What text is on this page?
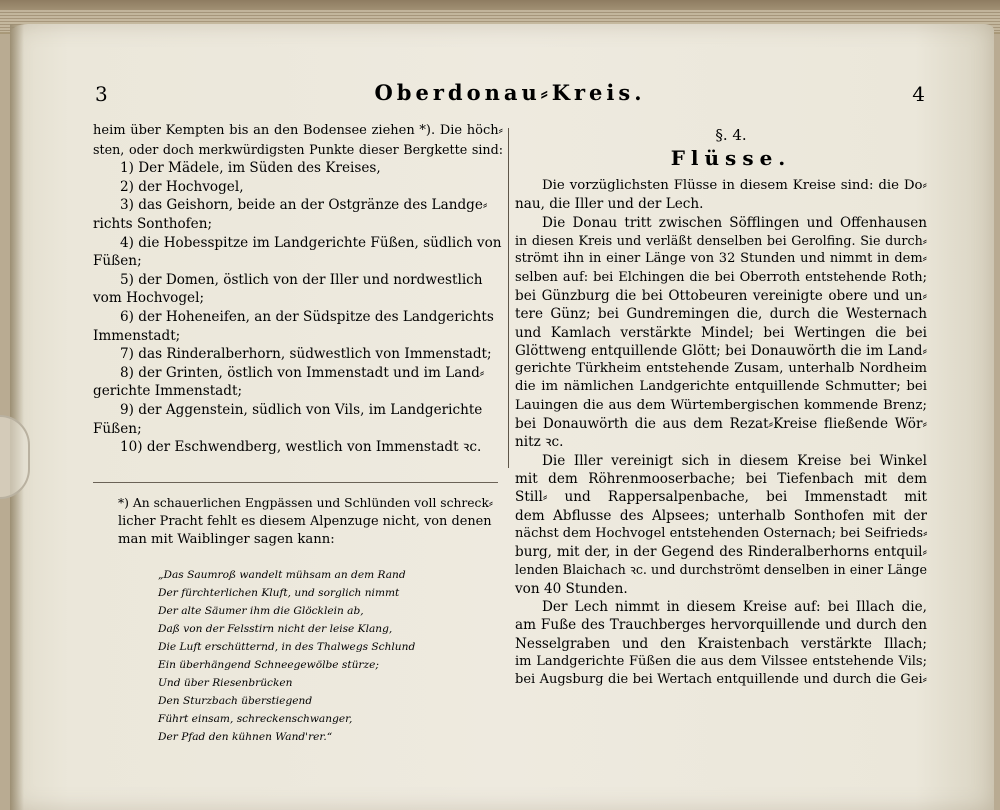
3	Oberdonau⸗Kreis.	4
heim über Kempten bis an den Bodensee ziehen *). Die höch⸗
sten, oder doch merkwürdigsten Punkte dieser Bergkette sind:
1) Der Mädele, im Süden des Kreises,
2) der Hochvogel,
3) das Geishorn, beide an der Ostgränze des Landge⸗
richts Sonthofen;
4) die Hobesspitze im Landgerichte Füßen, südlich von
Füßen;
5) der Domen, östlich von der Iller und nordwestlich
vom Hochvogel;
6) der Hoheneifen, an der Südspitze des Landgerichts
Immenstadt;
7) das Rinderalberhorn, südwestlich von Immenstadt;
8) der Grinten, östlich von Immenstadt und im Land⸗
gerichte Immenstadt;
9) der Aggenstein, südlich von Vils, im Landgerichte
Füßen;
10) der Eschwendberg, westlich von Immenstadt ꝛc.
*) An schauerlichen Engpässen und Schlünden voll schreck⸗
licher Pracht fehlt es diesem Alpenzuge nicht, von denen
man mit Waiblinger sagen kann:
„Das Saumroß wandelt mühsam an dem Rand
Der fürchterlichen Kluft, und sorglich nimmt
Der alte Säumer ihm die Glöcklein ab,
Daß von der Felsstirn nicht der leise Klang,
Die Luft erschütternd, in des Thalwegs Schlund
Ein überhängend Schneegewölbe stürze;
Und über Riesenbrücken
Den Sturzbach überstiegend
Führt einsam, schreckenschwanger,
Der Pfad den kühnen Wand'rer.“
§. 4.
Flüsse.
Die vorzüglichsten Flüsse in diesem Kreise sind: die Do⸗
nau, die Iller und der Lech.
Die Donau tritt zwischen Söfflingen und Offenhausen
in diesen Kreis und verläßt denselben bei Gerolfing. Sie durch⸗
strömt ihn in einer Länge von 32 Stunden und nimmt in dem⸗
selben auf: bei Elchingen die bei Oberroth entstehende Roth;
bei Günzburg die bei Ottobeuren vereinigte obere und un⸗
tere Günz; bei Gundremingen die, durch die Westernach
und Kamlach verstärkte Mindel; bei Wertingen die bei
Glöttweng entquillende Glött; bei Donauwörth die im Land⸗
gerichte Türkheim entstehende Zusam, unterhalb Nordheim
die im nämlichen Landgerichte entquillende Schmutter; bei
Lauingen die aus dem Würtembergischen kommende Brenz;
bei Donauwörth die aus dem Rezat⸗Kreise fließende Wör⸗
nitz ꝛc.
Die Iller vereinigt sich in diesem Kreise bei Winkel
mit dem Röhrenmooserbache; bei Tiefenbach mit dem
Still⸗ und Rappersalpenbache, bei Immenstadt mit
dem Abflusse des Alpsees; unterhalb Sonthofen mit der
nächst dem Hochvogel entstehenden Osternach; bei Seifrieds⸗
burg, mit der, in der Gegend des Rinderalberhorns entquil⸗
lenden Blaichach ꝛc. und durchströmt denselben in einer Länge
von 40 Stunden.
Der Lech nimmt in diesem Kreise auf: bei Illach die,
am Fuße des Trauchberges hervorquillende und durch den
Nesselgraben und den Kraistenbach verstärkte Illach;
im Landgerichte Füßen die aus dem Vilssee entstehende Vils;
bei Augsburg die bei Wertach entquillende und durch die Gei⸗
